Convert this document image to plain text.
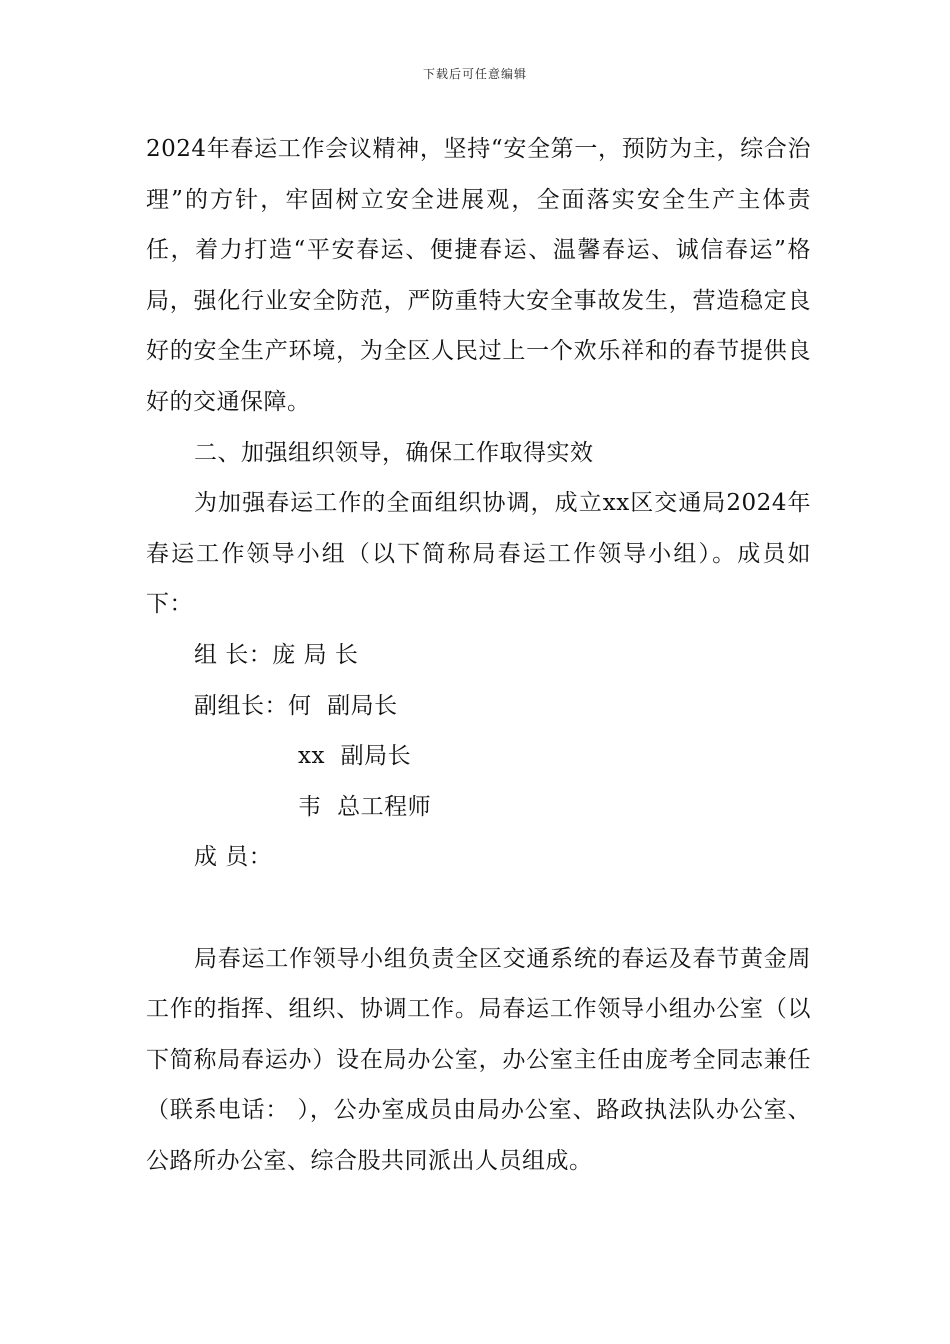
下载后可任意编辑

2024年春运工作会议精神，坚持“安全第一，预防为主，综合治理”的方针，牢固树立安全进展观，全面落实安全生产主体责任，着力打造“平安春运、便捷春运、温馨春运、诚信春运”格局，强化行业安全防范，严防重特大安全事故发生，营造稳定良好的安全生产环境，为全区人民过上一个欢乐祥和的春节提供良好的交通保障。

二、加强组织领导，确保工作取得实效

为加强春运工作的全面组织协调，成立xx区交通局2024年春运工作领导小组（以下简称局春运工作领导小组）。成员如下：

组 长：庞 局 长

副组长：何  副局长

xx  副局长

韦  总工程师

成 员：

局春运工作领导小组负责全区交通系统的春运及春节黄金周工作的指挥、组织、协调工作。局春运工作领导小组办公室（以下简称局春运办）设在局办公室，办公室主任由庞考全同志兼任（联系电话： ），公办室成员由局办公室、路政执法队办公室、公路所办公室、综合股共同派出人员组成。
